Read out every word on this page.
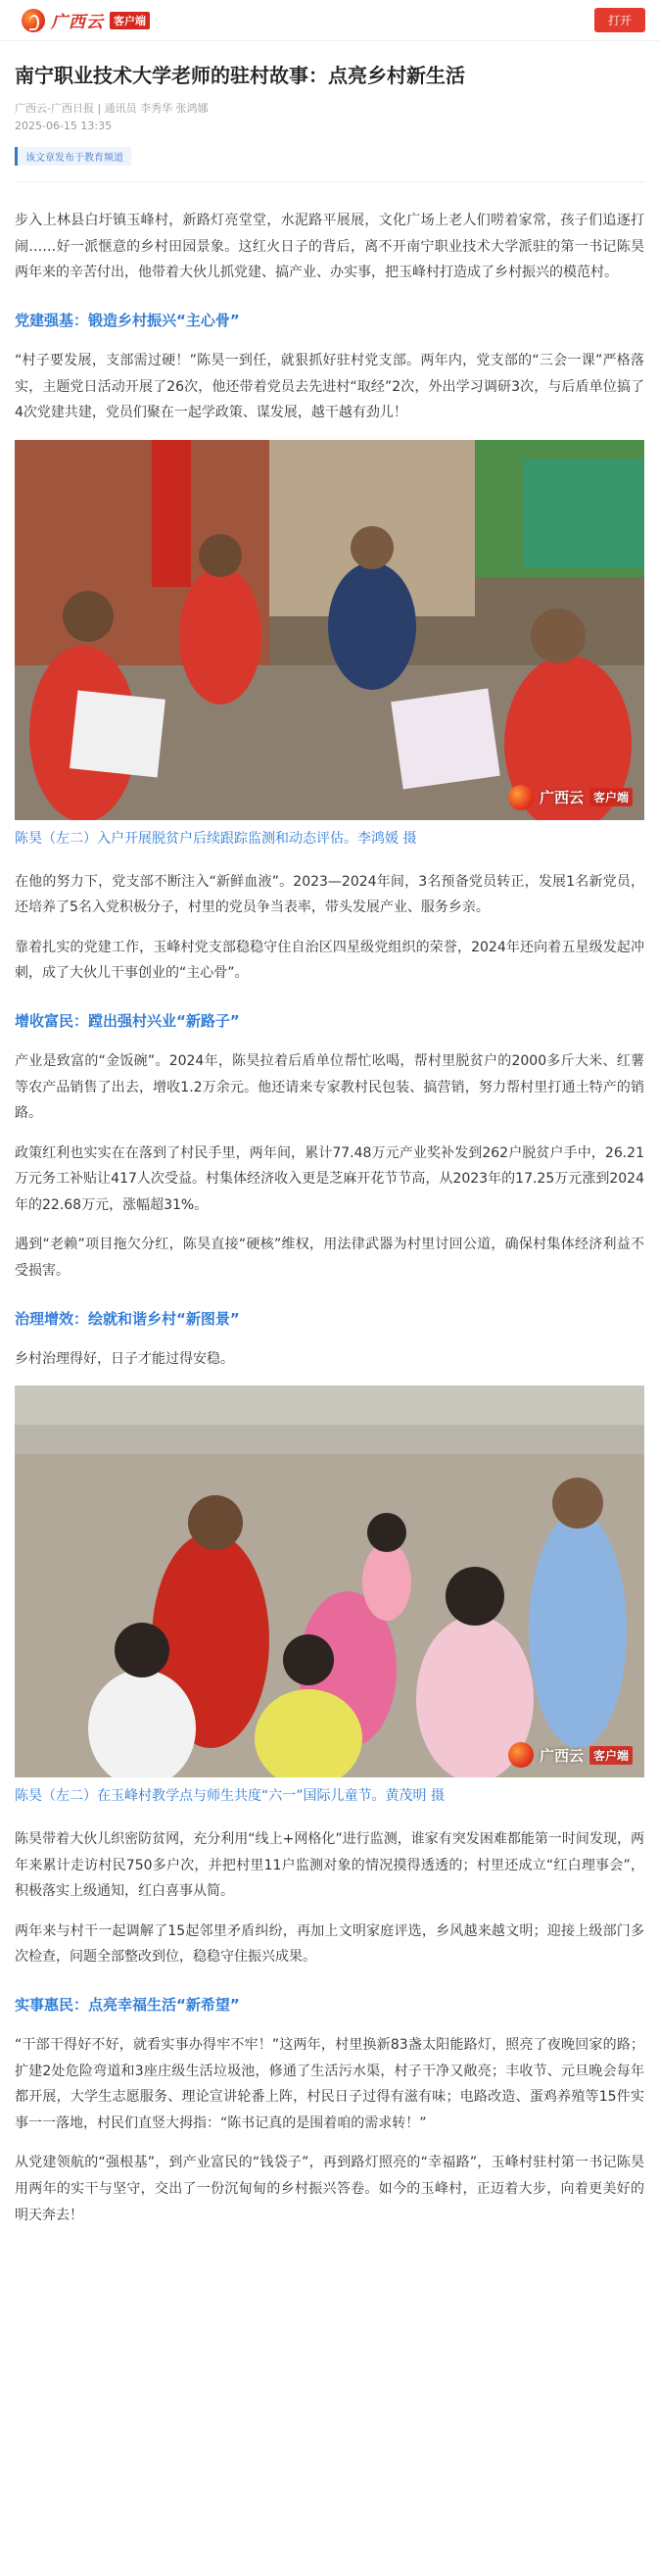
广西云 客户端	打开
南宁职业技术大学老师的驻村故事：点亮乡村新生活
广西云-广西日报 | 通讯员 李秀华 张鸿娜
2025-06-15 13:35
该文章发布于教育频道

步入上林县白圩镇玉峰村，新路灯亮堂堂，水泥路平展展，文化广场上老人们唠着家常，孩子们追逐打闹……好一派惬意的乡村田园景象。这红火日子的背后，离不开南宁职业技术大学派驻的第一书记陈昊两年来的辛苦付出，他带着大伙儿抓党建、搞产业、办实事，把玉峰村打造成了乡村振兴的模范村。

党建强基：锻造乡村振兴“主心骨”

“村子要发展，支部需过硬！”陈昊一到任，就狠抓好驻村党支部。两年内，党支部的“三会一课”严格落实，主题党日活动开展了26次，他还带着党员去先进村“取经”2次，外出学习调研3次，与后盾单位搞了4次党建共建，党员们聚在一起学政策、谋发展，越干越有劲儿！

广西云 客户端

陈昊（左二）入户开展脱贫户后续跟踪监测和动态评估。李鸿媛 摄

在他的努力下，党支部不断注入“新鲜血液”。2023—2024年间，3名预备党员转正，发展1名新党员，还培养了5名入党积极分子，村里的党员争当表率，带头发展产业、服务乡亲。

靠着扎实的党建工作，玉峰村党支部稳稳守住自治区四星级党组织的荣誉，2024年还向着五星级发起冲刺，成了大伙儿干事创业的“主心骨”。

增收富民：蹚出强村兴业“新路子”

产业是致富的“金饭碗”。2024年，陈昊拉着后盾单位帮忙吆喝，帮村里脱贫户的2000多斤大米、红薯等农产品销售了出去，增收1.2万余元。他还请来专家教村民包装、搞营销，努力帮村里打通土特产的销路。

政策红利也实实在在落到了村民手里，两年间，累计77.48万元产业奖补发到262户脱贫户手中，26.21万元务工补贴让417人次受益。村集体经济收入更是芝麻开花节节高，从2023年的17.25万元涨到2024年的22.68万元，涨幅超31%。

遇到“老赖”项目拖欠分红，陈昊直接“硬核”维权，用法律武器为村里讨回公道，确保村集体经济利益不受损害。

治理增效：绘就和谐乡村“新图景”

乡村治理得好，日子才能过得安稳。

广西云 客户端

陈昊（左二）在玉峰村教学点与师生共度“六一”国际儿童节。黄茂明 摄

陈昊带着大伙儿织密防贫网，充分利用“线上+网格化”进行监测，谁家有突发困难都能第一时间发现，两年来累计走访村民750多户次，并把村里11户监测对象的情况摸得透透的；村里还成立“红白理事会”，积极落实上级通知，红白喜事从简。

两年来与村干一起调解了15起邻里矛盾纠纷，再加上文明家庭评选，乡风越来越文明；迎接上级部门多次检查，问题全部整改到位，稳稳守住振兴成果。

实事惠民：点亮幸福生活“新希望”

“干部干得好不好，就看实事办得牢不牢！”这两年，村里换新83盏太阳能路灯，照亮了夜晚回家的路；扩建2处危险弯道和3座庄级生活垃圾池，修通了生活污水渠，村子干净又敞亮；丰收节、元旦晚会每年都开展，大学生志愿服务、理论宣讲轮番上阵，村民日子过得有滋有味；电路改造、蛋鸡养殖等15件实事一一落地，村民们直竖大拇指：“陈书记真的是围着咱的需求转！”

从党建领航的“强根基”，到产业富民的“钱袋子”，再到路灯照亮的“幸福路”，玉峰村驻村第一书记陈昊用两年的实干与坚守，交出了一份沉甸甸的乡村振兴答卷。如今的玉峰村，正迈着大步，向着更美好的明天奔去！
